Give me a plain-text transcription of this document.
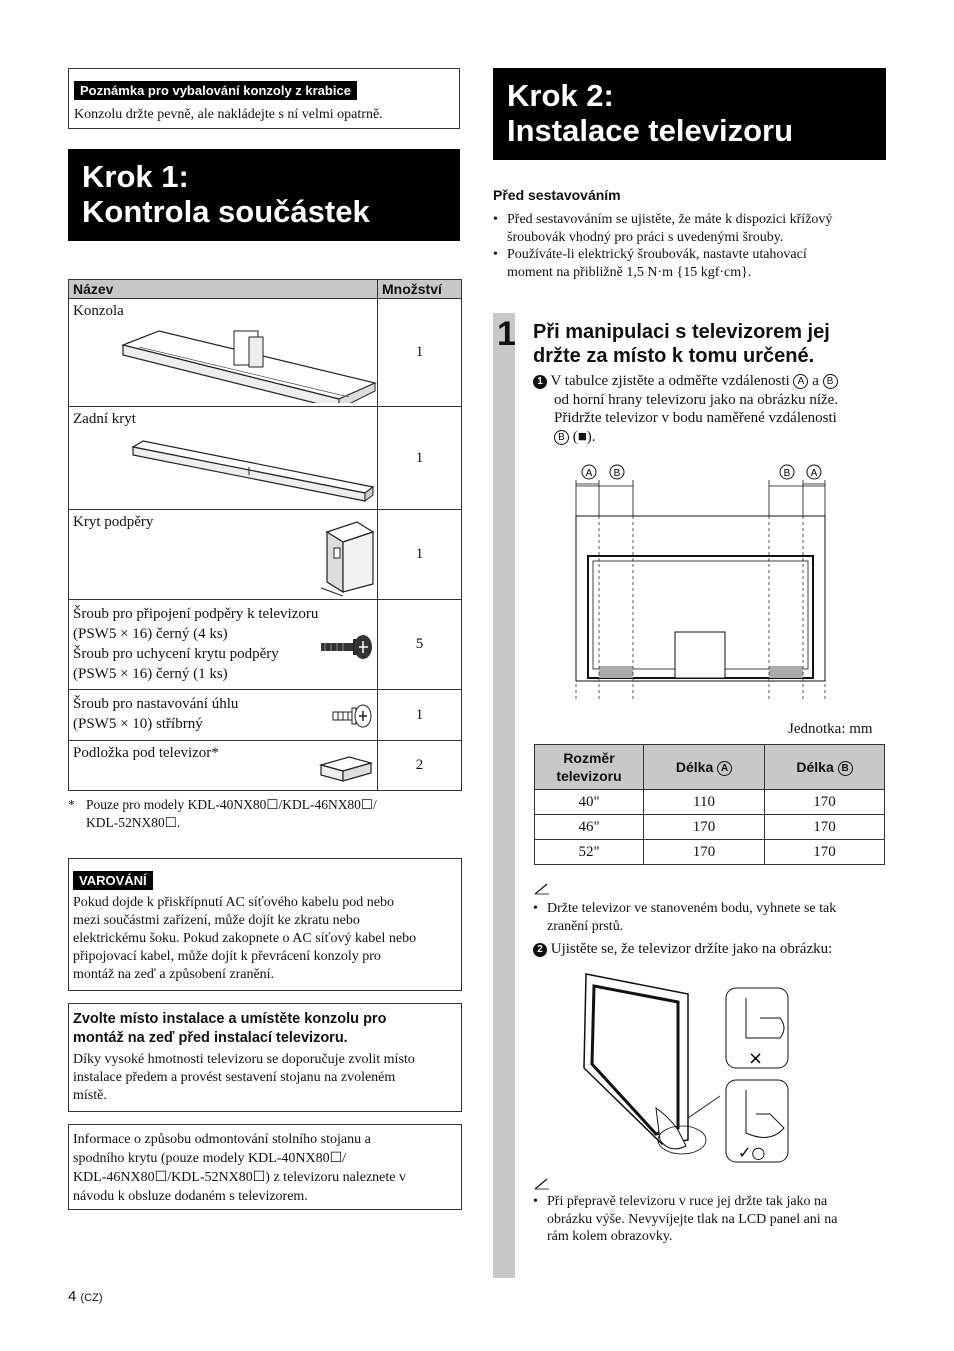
Poznámka pro vybalování konzoly z krabice
Konzolu držte pevně, ale nakládejte s ní velmi opatrně.
Krok 1:
Kontrola součástek
Název	Množství
Konzola	1
Zadní kryt	1
Kryt podpěry	1

Šroub pro připojení podpěry k televizoru
(PSW5 × 16) černý (4 ks)
Šroub pro uchycení krytu podpěry
(PSW5 × 16) černý (1 ks)	5

Šroub pro nastavování úhlu
(PSW5 × 10) stříbrný	1
Podložka pod televizor*	2
* Pouze pro modely KDL-40NX80☐/KDL-46NX80☐/
KDL-52NX80☐.
VAROVÁNÍ

Pokud dojde k přiskřípnutí AC síťového kabelu pod nebo

mezi součástmi zařízení, může dojít ke zkratu nebo

elektrickému šoku. Pokud zakopnete o AC síťový kabel nebo

připojovací kabel, může dojít k převrácení konzoly pro

montáž na zeď a způsobení zranění.

Zvolte místo instalace a umístěte konzolu pro
montáž na zeď před instalací televizoru.

Díky vysoké hmotnosti televizoru se doporučuje zvolit místo

instalace předem a provést sestavení stojanu na zvoleném

místě.

Informace o způsobu odmontování stolního stojanu a

spodního krytu (pouze modely KDL-40NX80☐/

KDL-46NX80☐/KDL-52NX80☐) z televizoru naleznete v

návodu k obsluze dodaném s televizorem.

4 (CZ)
Krok 2:
Instalace televizoru
Před sestavováním
• Před sestavováním se ujistěte, že máte k dispozici křížový
šroubovák vhodný pro práci s uvedenými šrouby.
• Používáte-li elektrický šroubovák, nastavte utahovací
moment na přibližně 1,5 N·m {15 kgf·cm}.
1 Při manipulaci s televizorem jej
držte za místo k tomu určené.
1 V tabulce zjistěte a odměřte vzdálenosti A a B
od horní hrany televizoru jako na obrázku níže.
Přidržte televizor v bodu naměřené vzdálenosti
B (■).
A B	B A
Jednotka: mm
Rozměr
televizoru	Délka A	Délka B
40"	110	170
46"	170	170
52"	170	170
• Držte televizor ve stanoveném bodu, vyhnete se tak
zranění prstů.
2 Ujistěte se, že televizor držíte jako na obrázku:
×
✓○
• Při přepravě televizoru v ruce jej držte tak jako na
obrázku výše. Nevyvíjejte tlak na LCD panel ani na
rám kolem obrazovky.
